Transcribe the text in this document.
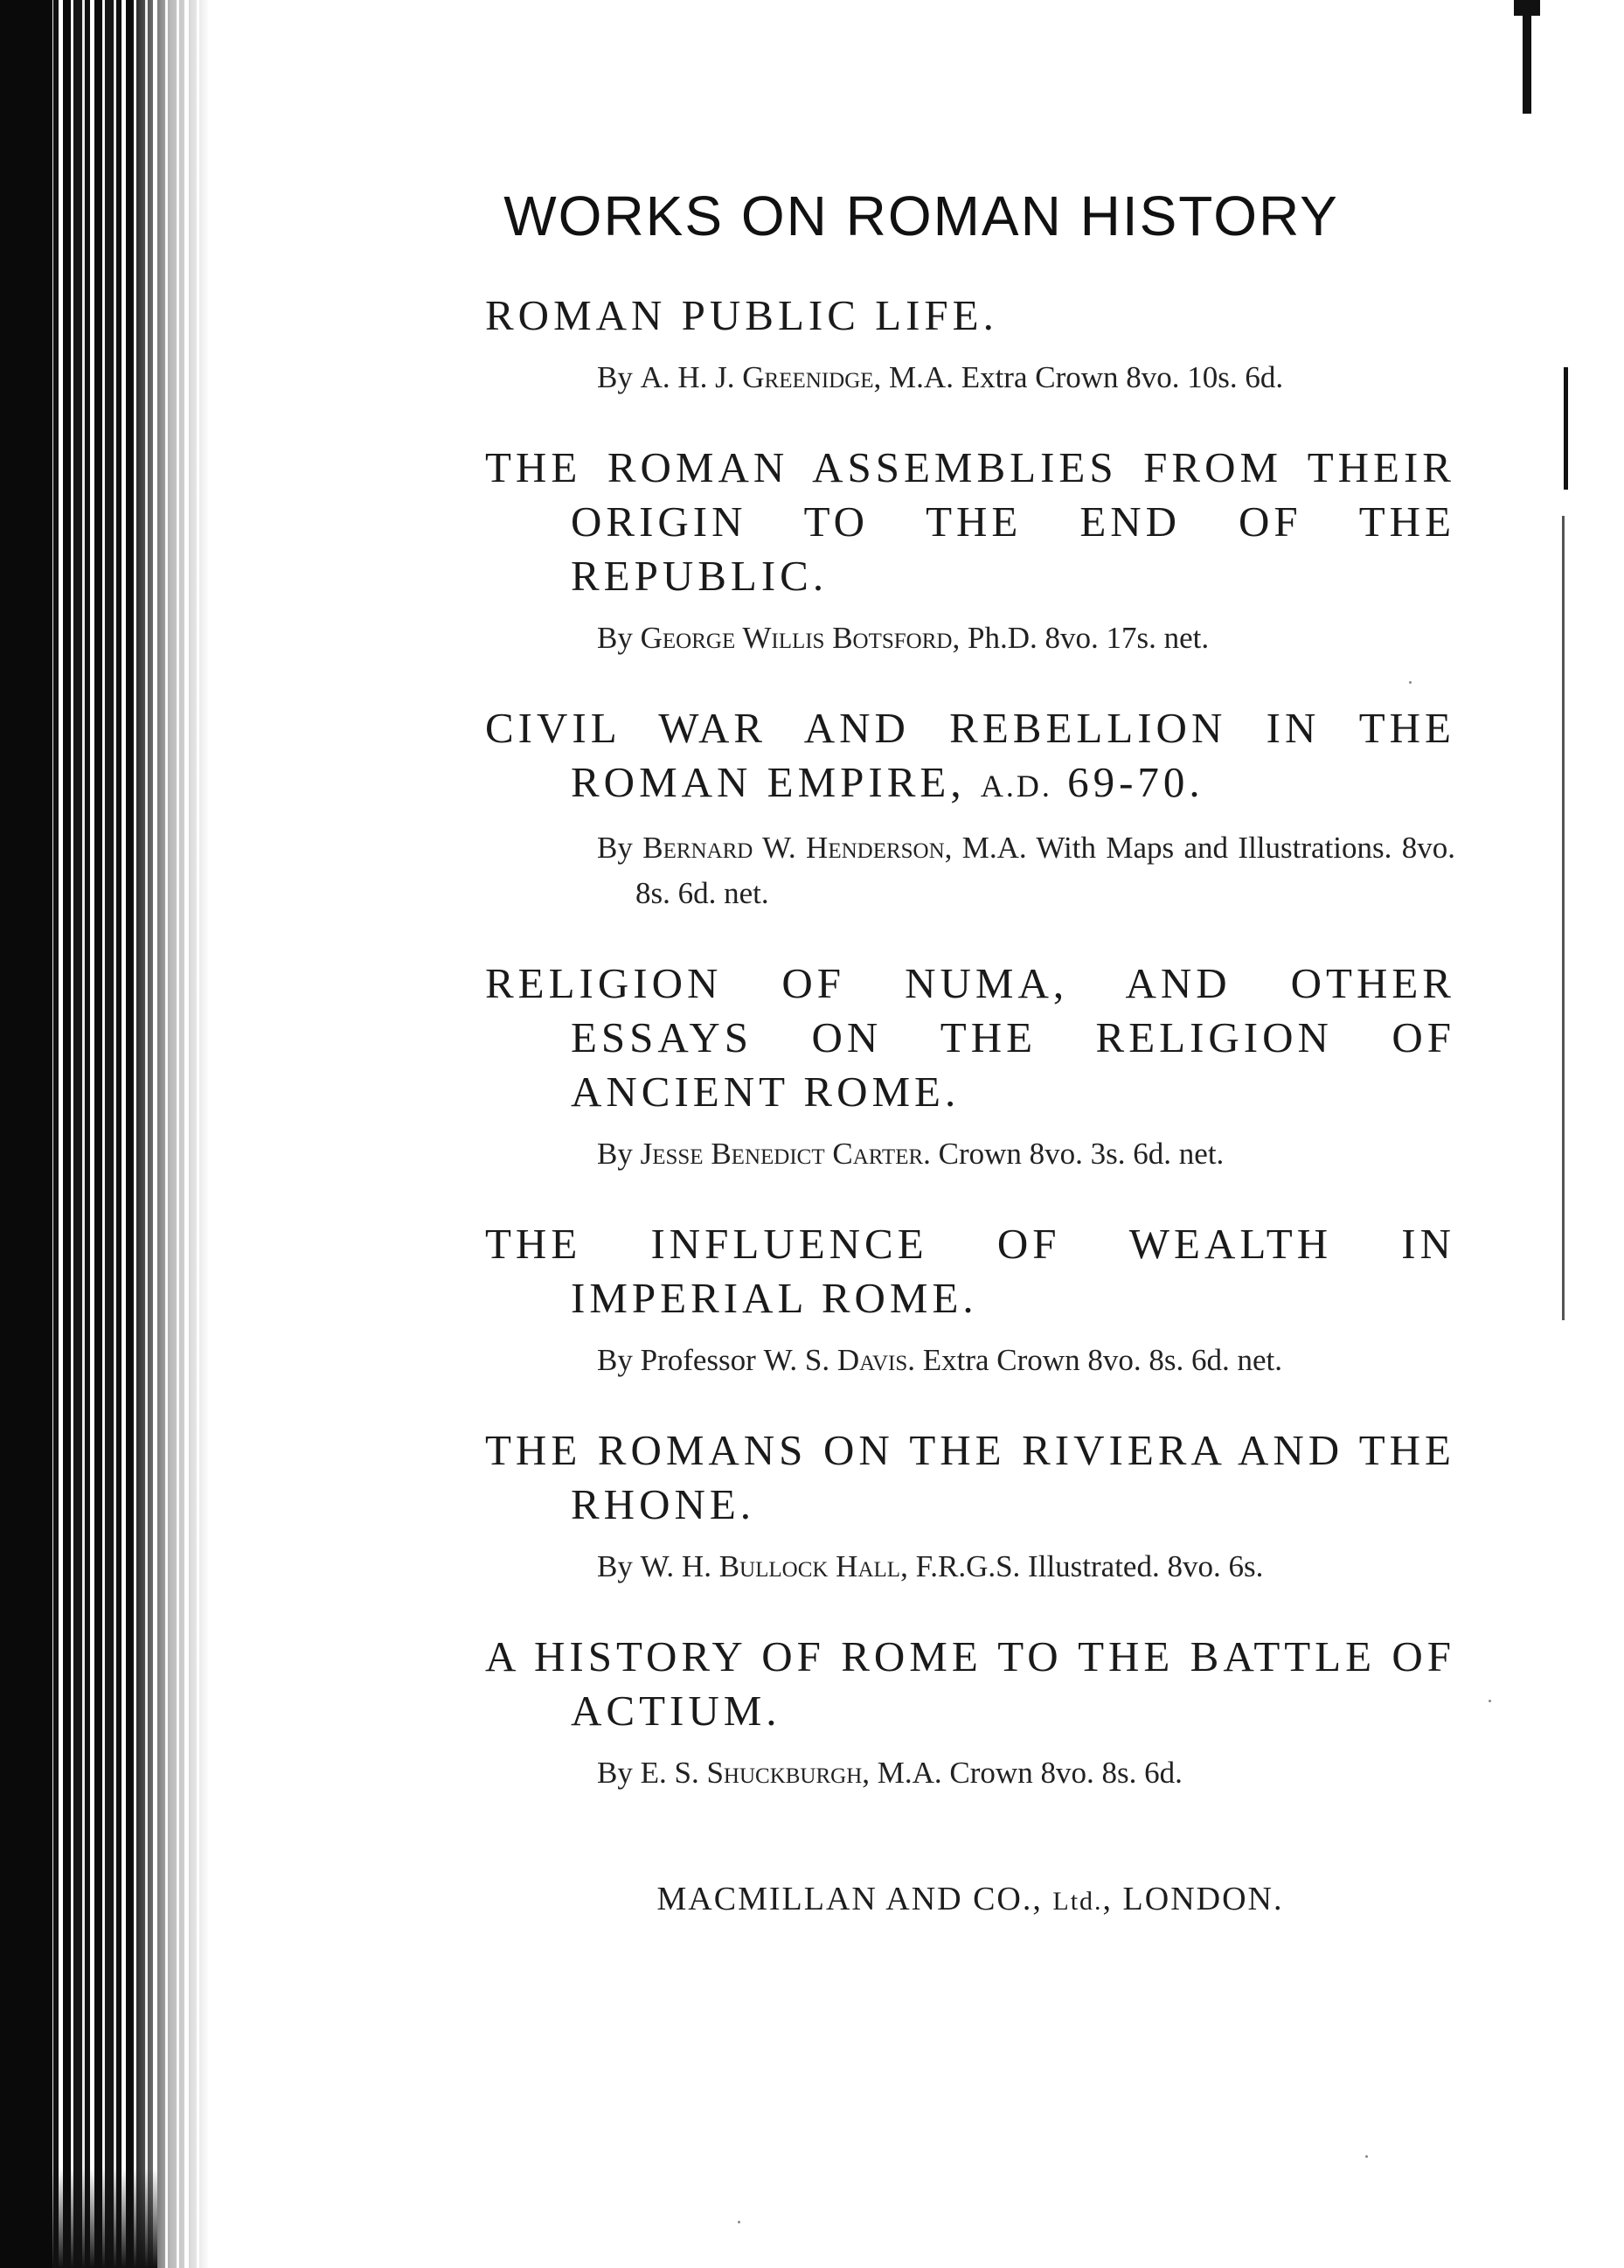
WORKS ON ROMAN HISTORY
ROMAN PUBLIC LIFE.
By A. H. J. Greenidge, M.A. Extra Crown 8vo. 10s. 6d.
THE ROMAN ASSEMBLIES FROM THEIR ORIGIN TO THE END OF THE REPUBLIC.
By George Willis Botsford, Ph.D. 8vo. 17s. net.
CIVIL WAR AND REBELLION IN THE ROMAN EMPIRE, A.D. 69-70.
By Bernard W. Henderson, M.A. With Maps and Illustrations. 8vo. 8s. 6d. net.
RELIGION OF NUMA, AND OTHER ESSAYS ON THE RELIGION OF ANCIENT ROME.
By Jesse Benedict Carter. Crown 8vo. 3s. 6d. net.
THE INFLUENCE OF WEALTH IN IMPERIAL ROME.
By Professor W. S. Davis. Extra Crown 8vo. 8s. 6d. net.
THE ROMANS ON THE RIVIERA AND THE RHONE.
By W. H. Bullock Hall, F.R.G.S. Illustrated. 8vo. 6s.
A HISTORY OF ROME TO THE BATTLE OF ACTIUM.
By E. S. Shuckburgh, M.A. Crown 8vo. 8s. 6d.
MACMILLAN AND CO., Ltd., LONDON.
